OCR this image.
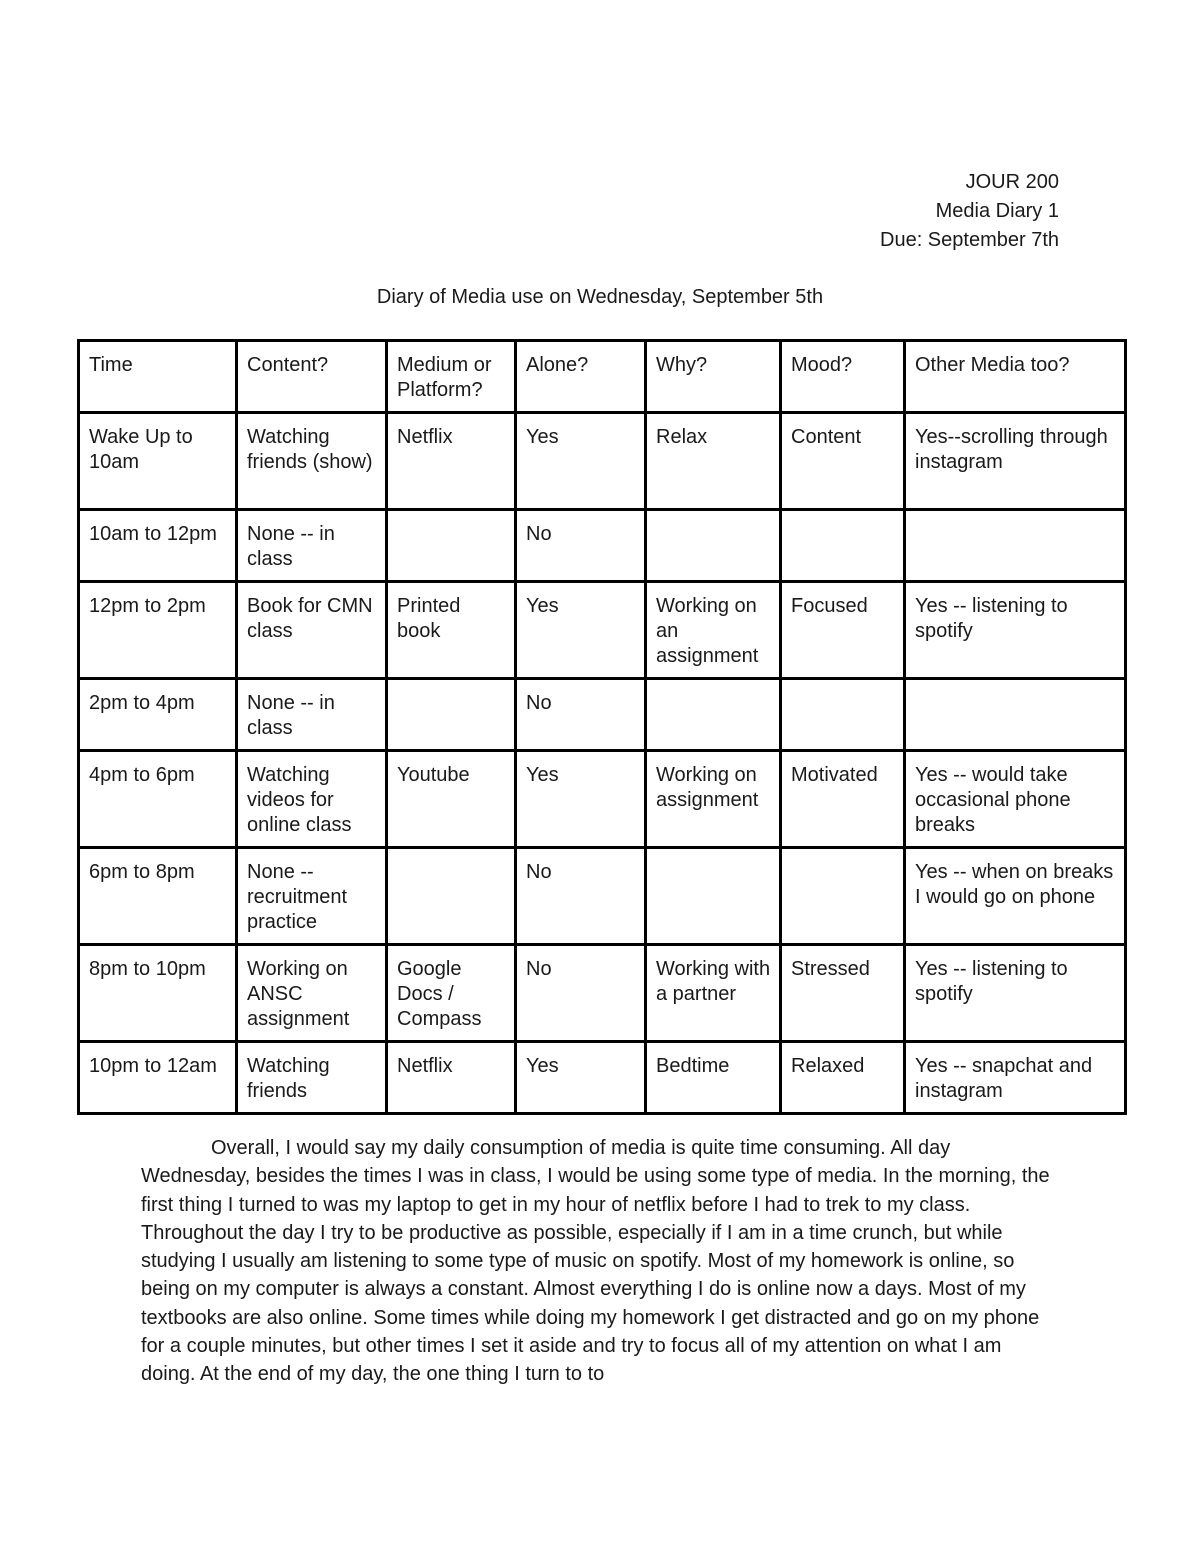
JOUR 200
Media Diary 1
Due: September 7th
Diary of Media use on Wednesday, September 5th
Time	Content?	Medium or Platform?	Alone?	Why?	Mood?	Other Media too?
Wake Up to 10am	Watching friends (show)	Netflix	Yes	Relax	Content	Yes--scrolling through instagram
10am to 12pm	None -- in class		No			
12pm to 2pm	Book for CMN class	Printed book	Yes	Working on an assignment	Focused	Yes -- listening to spotify
2pm to 4pm	None -- in class		No			
4pm to 6pm	Watching videos for online class	Youtube	Yes	Working on assignment	Motivated	Yes -- would take occasional phone breaks
6pm to 8pm	None -- recruitment practice		No			Yes -- when on breaks I would go on phone
8pm to 10pm	Working on ANSC assignment	Google Docs / Compass	No	Working with a partner	Stressed	Yes -- listening to spotify
10pm to 12am	Watching friends	Netflix	Yes	Bedtime	Relaxed	Yes -- snapchat and instagram

Overall, I would say my daily consumption of media is quite time consuming. All day Wednesday, besides the times I was in class, I would be using some type of media. In the morning, the first thing I turned to was my laptop to get in my hour of netflix before I had to trek to my class. Throughout the day I try to be productive as possible, especially if I am in a time crunch, but while studying I usually am listening to some type of music on spotify. Most of my homework is online, so being on my computer is always a constant. Almost everything I do is online now a days. Most of my textbooks are also online. Some times while doing my homework I get distracted and go on my phone for a couple minutes, but other times I set it aside and try to focus all of my attention on what I am doing. At the end of my day, the one thing I turn to to
